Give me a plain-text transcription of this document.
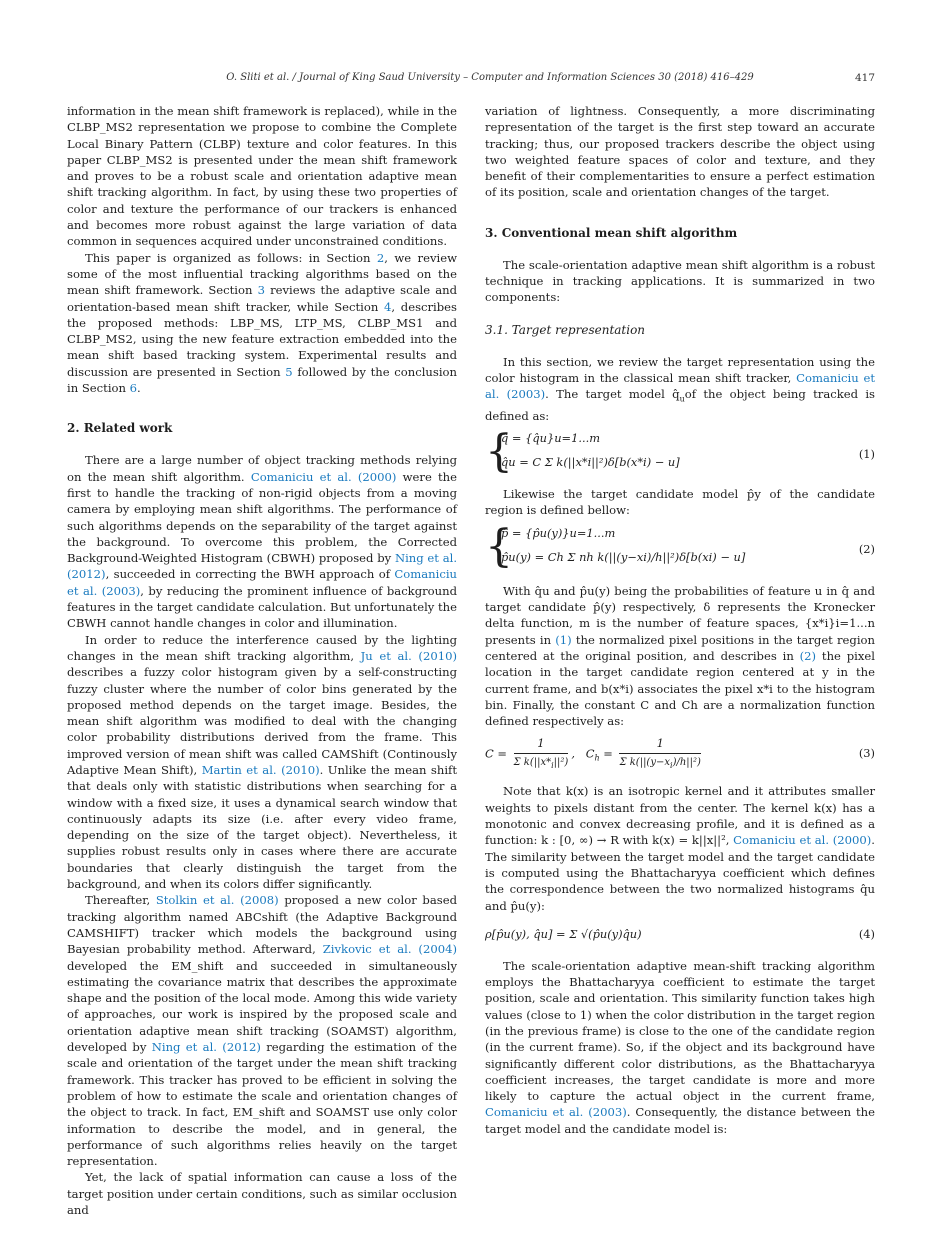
O. Sliti et al. / Journal of King Saud University – Computer and Information Sciences 30 (2018) 416–429	417

information in the mean shift framework is replaced), while in the CLBP_MS2 representation we propose to combine the Complete Local Binary Pattern (CLBP) texture and color features. In this paper CLBP_MS2 is presented under the mean shift framework and proves to be a robust scale and orientation adaptive mean shift tracking algorithm. In fact, by using these two properties of color and texture the performance of our trackers is enhanced and becomes more robust against the large variation of data common in sequences acquired under unconstrained conditions.

This paper is organized as follows: in Section 2, we review some of the most influential tracking algorithms based on the mean shift framework. Section 3 reviews the adaptive scale and orientation-based mean shift tracker, while Section 4, describes the proposed methods: LBP_MS, LTP_MS, CLBP_MS1 and CLBP_MS2, using the new feature extraction embedded into the mean shift based tracking system. Experimental results and discussion are presented in Section 5 followed by the conclusion in Section 6.

2. Related work

There are a large number of object tracking methods relying on the mean shift algorithm. Comaniciu et al. (2000) were the first to handle the tracking of non-rigid objects from a moving camera by employing mean shift algorithms. The performance of such algorithms depends on the separability of the target against the background. To overcome this problem, the Corrected Background-Weighted Histogram (CBWH) proposed by Ning et al. (2012), succeeded in correcting the BWH approach of Comaniciu et al. (2003), by reducing the prominent influence of background features in the target candidate calculation. But unfortunately the CBWH cannot handle changes in color and illumination.

In order to reduce the interference caused by the lighting changes in the mean shift tracking algorithm, Ju et al. (2010) describes a fuzzy color histogram given by a self-constructing fuzzy cluster where the number of color bins generated by the proposed method depends on the target image. Besides, the mean shift algorithm was modified to deal with the changing color probability distributions derived from the frame. This improved version of mean shift was called CAMShift (Continously Adaptive Mean Shift), Martin et al. (2010). Unlike the mean shift that deals only with statistic distributions when searching for a window with a fixed size, it uses a dynamical search window that continuously adapts its size (i.e. after every video frame, depending on the size of the target object). Nevertheless, it supplies robust results only in cases where there are accurate boundaries that clearly distinguish the target from the background, and when its colors differ significantly.

Thereafter, Stolkin et al. (2008) proposed a new color based tracking algorithm named ABCshift (the Adaptive Background CAMSHIFT) tracker which models the background using Bayesian probability method. Afterward, Zivkovic et al. (2004) developed the EM_shift and succeeded in simultaneously estimating the covariance matrix that describes the approximate shape and the position of the local mode. Among this wide variety of approaches, our work is inspired by the proposed scale and orientation adaptive mean shift tracking (SOAMST) algorithm, developed by Ning et al. (2012) regarding the estimation of the scale and orientation of the target under the mean shift tracking framework. This tracker has proved to be efficient in solving the problem of how to estimate the scale and orientation changes of the object to track. In fact, EM_shift and SOAMST use only color information to describe the model, and in general, the performance of such algorithms relies heavily on the target representation.

Yet, the lack of spatial information can cause a loss of the target position under certain conditions, such as similar occlusion and

variation of lightness. Consequently, a more discriminating representation of the target is the first step toward an accurate tracking; thus, our proposed trackers describe the object using two weighted feature spaces of color and texture, and they benefit of their complementarities to ensure a perfect estimation of its position, scale and orientation changes of the target.

3. Conventional mean shift algorithm

The scale-orientation adaptive mean shift algorithm is a robust technique in tracking applications. It is summarized in two components:

3.1. Target representation

In this section, we review the target representation using the color histogram in the classical mean shift tracker, Comaniciu et al. (2003). The target model $q̂_uof$ the object being tracked is defined as:

{
q̂ = {q̂u}u=1...m
q̂u = C Σ k(||x*i||²)δ[b(x*i) − u]
(1)

Likewise the target candidate model p̂y of the candidate region is defined bellow:

{
p̂ = {p̂u(y)}u=1...m
p̂u(y) = Ch Σ nh k(||(y−xi)/h||²)δ[b(xi) − u]
(2)

With q̂u and p̂u(y) being the probabilities of feature u in q̂ and target candidate p̂(y) respectively, δ represents the Kronecker delta function, m is the number of feature spaces, {x*i}i=1...n presents in (1) the normalized pixel positions in the target region centered at the original position, and describes in (2) the pixel location in the target candidate region centered at y in the current frame, and b(x*i) associates the pixel x*i to the histogram bin. Finally, the constant C and Ch are a normalization function defined respectively as:

$C = \frac{1}{\Sigma k(||x*_i||^2)}$ ,   $C_h = \frac{1}{\Sigma k(||(y-x_i)/h||^2)}$	(3)

Note that k(x) is an isotropic kernel and it attributes smaller weights to pixels distant from the center. The kernel k(x) has a monotonic and convex decreasing profile, and it is defined as a function: k : [0, ∞) → R with k(x) = k||x||², Comaniciu et al. (2000). The similarity between the target model and the target candidate is computed using the Bhattacharyya coefficient which defines the correspondence between the two normalized histograms q̂u and p̂u(y):

ρ[p̂u(y), q̂u] = Σ √(p̂u(y)q̂u)	(4)

The scale-orientation adaptive mean-shift tracking algorithm employs the Bhattacharyya coefficient to estimate the target position, scale and orientation. This similarity function takes high values (close to 1) when the color distribution in the target region (in the previous frame) is close to the one of the candidate region (in the current frame). So, if the object and its background have significantly different color distributions, as the Bhattacharyya coefficient increases, the target candidate is more and more likely to capture the actual object in the current frame, Comaniciu et al. (2003). Consequently, the distance between the target model and the candidate model is:
